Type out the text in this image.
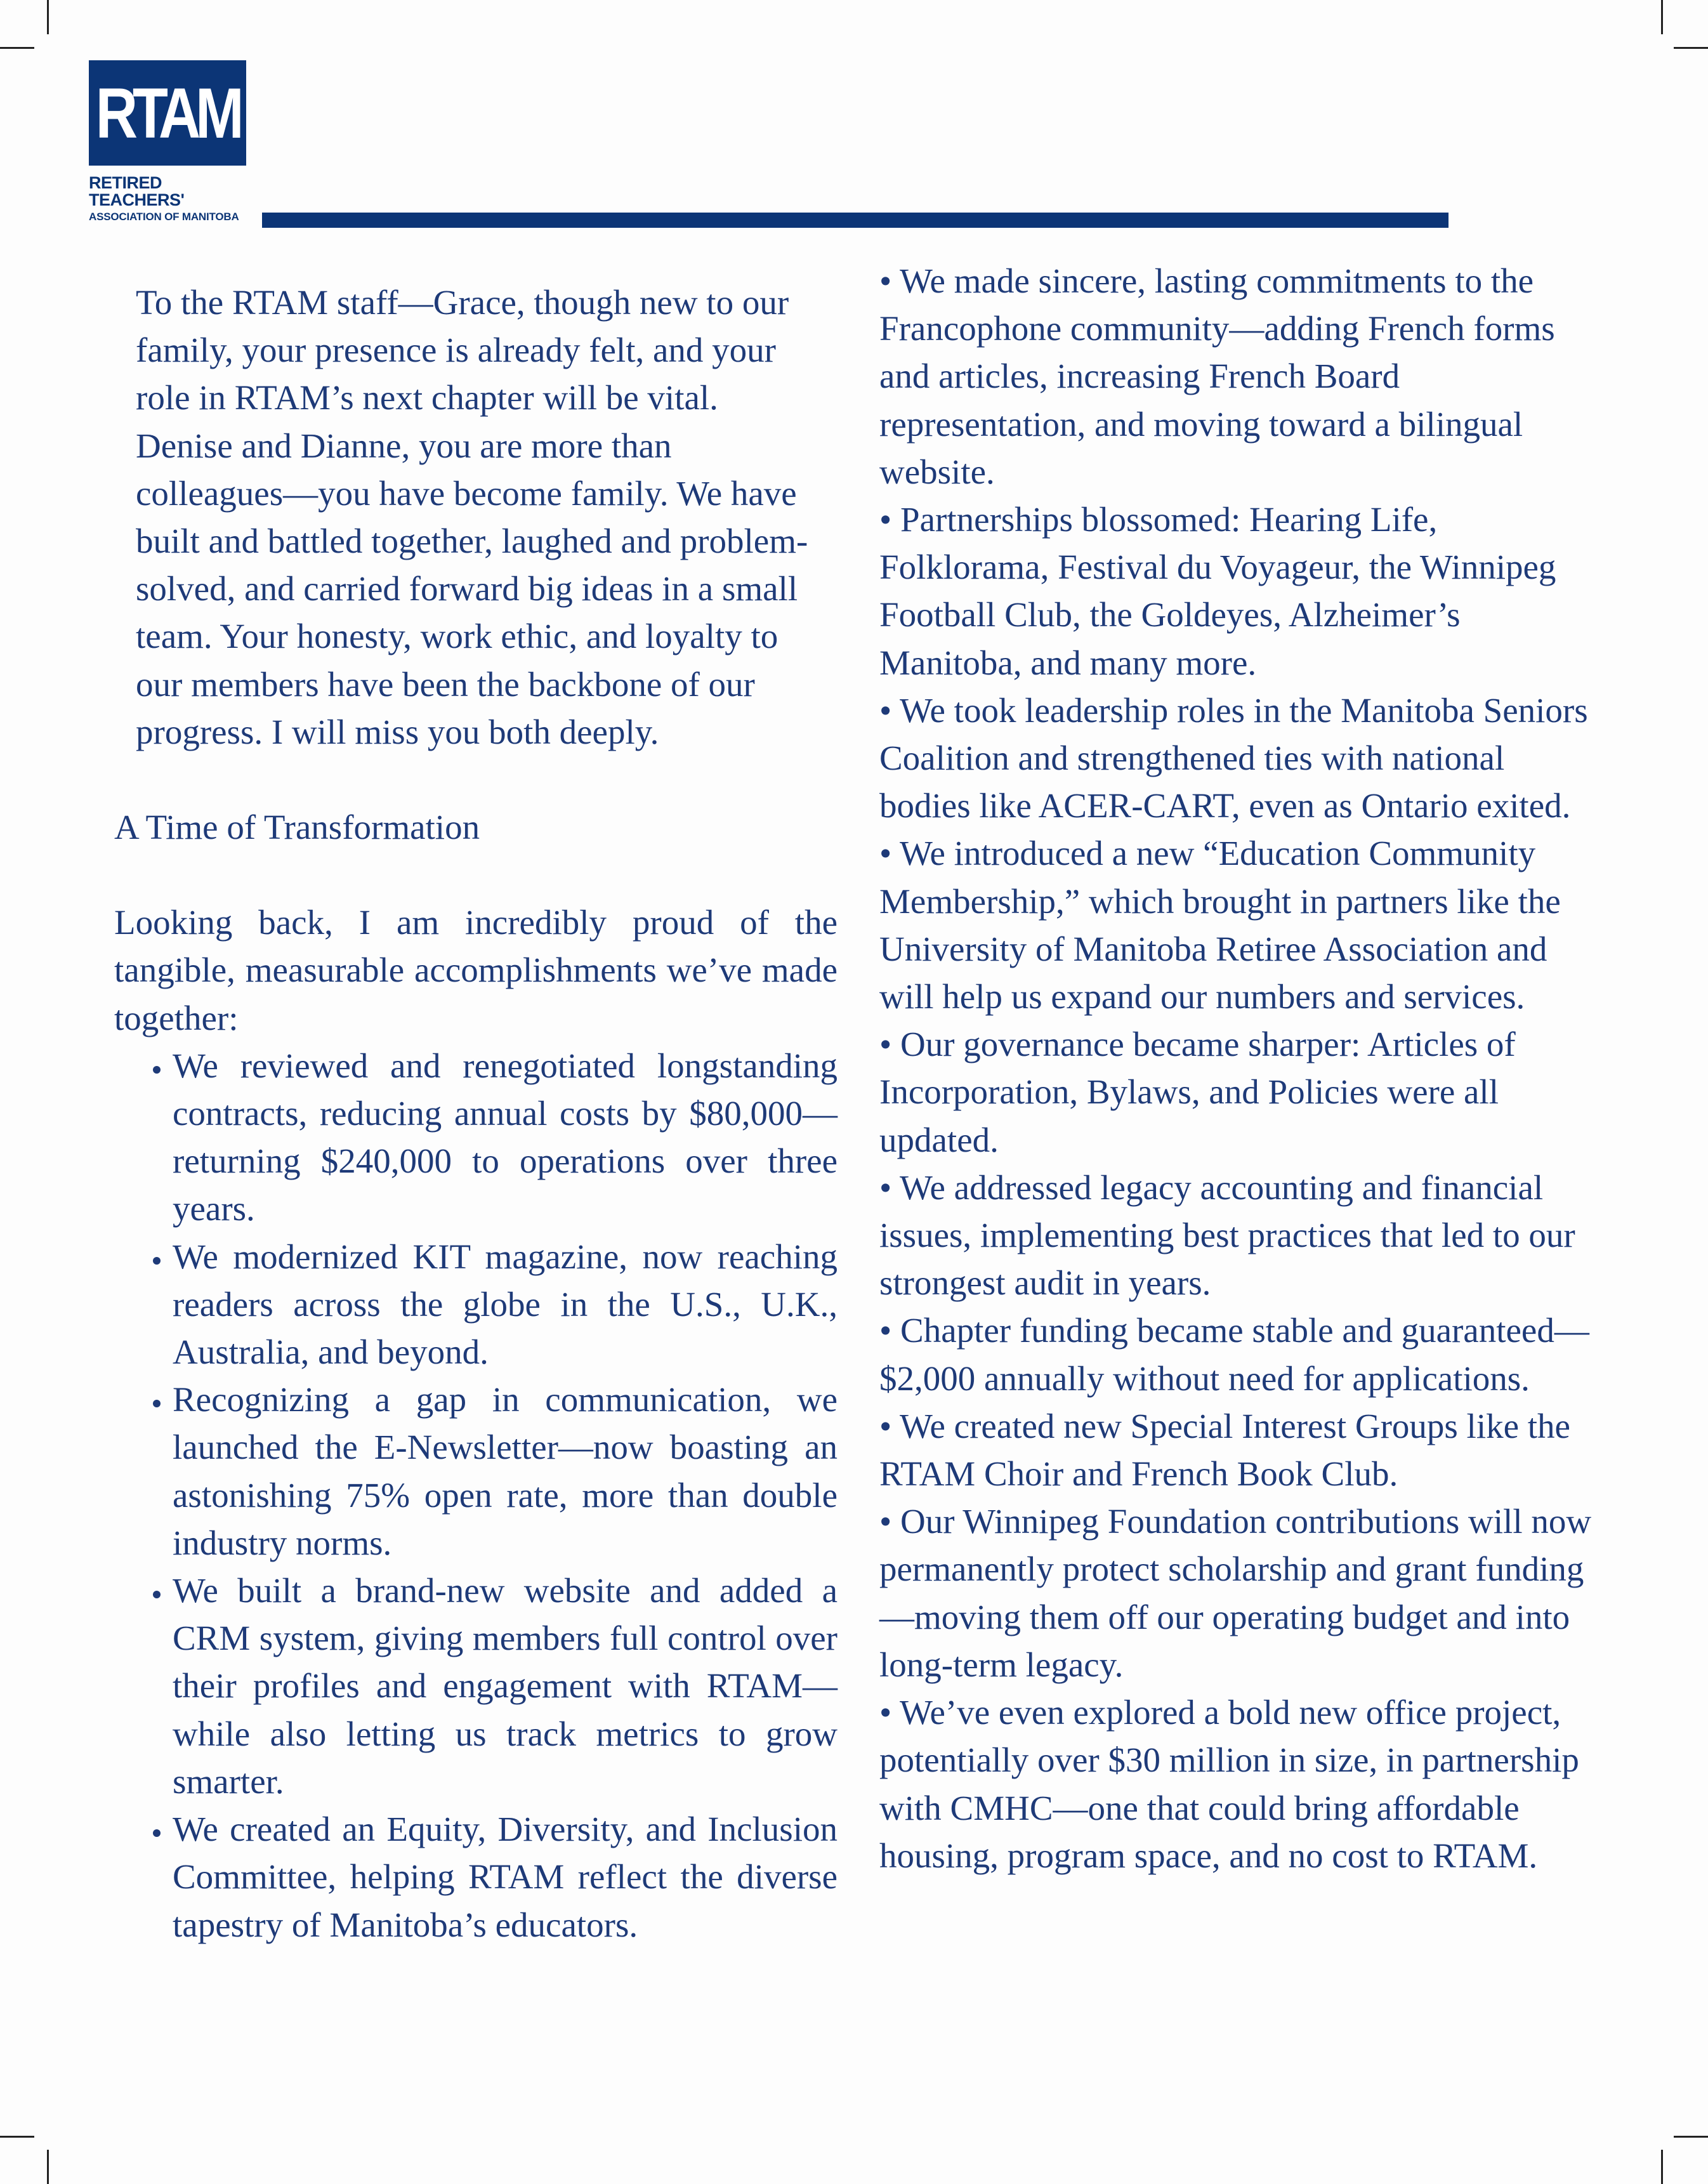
RTAM
RETIRED TEACHERS'
ASSOCIATION OF MANITOBA

To the RTAM staff—Grace, though new to our family, your presence is already felt, and your role in RTAM’s next chapter will be vital. Denise and Dianne, you are more than colleagues—you have become family. We have built and battled together, laughed and problem-solved, and carried forward big ideas in a small team. Your honesty, work ethic, and loyalty to our members have been the backbone of our progress. I will miss you both deeply.

A Time of Transformation

Looking back, I am incredibly proud of the tangible, measurable accomplishments we’ve made together:

• We reviewed and renegotiated longstanding contracts, reducing annual costs by $80,000—returning $240,000 to operations over three years.
• We modernized KIT magazine, now reaching readers across the globe in the U.S., U.K., Australia, and beyond.
• Recognizing a gap in communication, we launched the E-Newsletter—now boasting an astonishing 75% open rate, more than double industry norms.
• We built a brand-new website and added a CRM system, giving members full control over their profiles and engagement with RTAM—while also letting us track metrics to grow smarter.
• We created an Equity, Diversity, and Inclusion Committee, helping RTAM reflect the diverse tapestry of Manitoba’s educators.

• We made sincere, lasting commitments to the Francophone community—adding French forms and articles, increasing French Board representation, and moving toward a bilingual website.

• Partnerships blossomed: Hearing Life, Folklorama, Festival du Voyageur, the Winnipeg Football Club, the Goldeyes, Alzheimer’s Manitoba, and many more.

• We took leadership roles in the Manitoba Seniors Coalition and strengthened ties with national bodies like ACER-CART, even as Ontario exited.

• We introduced a new “Education Community Membership,” which brought in partners like the University of Manitoba Retiree Association and will help us expand our numbers and services.

• Our governance became sharper: Articles of Incorporation, Bylaws, and Policies were all updated.

• We addressed legacy accounting and financial issues, implementing best practices that led to our strongest audit in years.

• Chapter funding became stable and guaranteed—$2,000 annually without need for applications.

• We created new Special Interest Groups like the RTAM Choir and French Book Club.

• Our Winnipeg Foundation contributions will now permanently protect scholarship and grant funding—moving them off our operating budget and into long-term legacy.

• We’ve even explored a bold new office project, potentially over $30 million in size, in partnership with CMHC—one that could bring affordable housing, program space, and no cost to RTAM.
